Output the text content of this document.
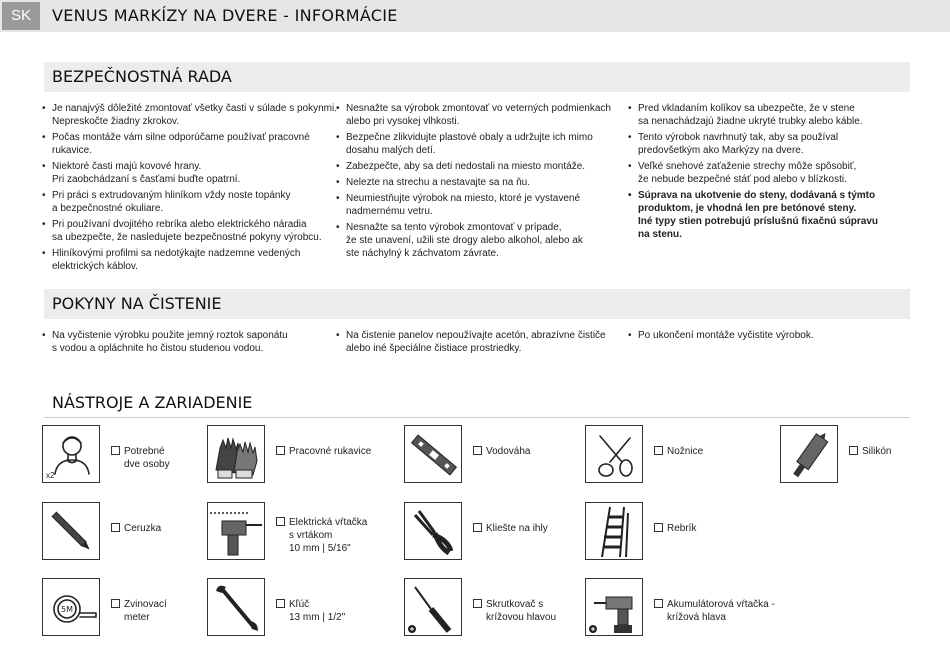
SK	VENUS MARKÍZY NA DVERE - INFORMÁCIE
BEZPEČNOSTNÁ RADA
• Je nanajvýš dôležité zmontovať všetky časti v súlade s pokynmi.
Nepreskočte žiadny zkrokov.
• Počas montáže vám silne odporúčame používať pracovné
rukavice.
• Niektoré časti majú kovové hrany.
Pri zaobchádzaní s časťami buďte opatrní.
• Pri práci s extrudovaným hliníkom vždy noste topánky
a bezpečnostné okuliare.
• Pri používaní dvojitého rebríka alebo elektrického náradia
sa ubezpečte, že nasledujete bezpečnostné pokyny výrobcu.
• Hliníkovými profilmi sa nedotýkajte nadzemne vedených
elektrických káblov.
• Nesnažte sa výrobok zmontovať vo veterných podmienkach
alebo pri vysokej vlhkosti.
• Bezpečne zlikvidujte plastové obaly a udržujte ich mimo
dosahu malých detí.
• Zabezpečte, aby sa deti nedostali na miesto montáže.
• Nelezte na strechu a nestavajte sa na ňu.
• Neumiestňujte výrobok na miesto, ktoré je vystavené
nadmernému vetru.
• Nesnažte sa tento výrobok zmontovať v prípade,
že ste unavení, užili ste drogy alebo alkohol, alebo ak
ste náchylný k záchvatom závrate.
• Pred vkladaním kolíkov sa ubezpečte, že v stene
sa nenachádzajú žiadne ukryté trubky alebo káble.
• Tento výrobok navrhnutý tak, aby sa používal
predovšetkým ako Markýzy na dvere.
• Veľké snehové zaťaženie strechy môže spôsobiť,
že nebude bezpečné stáť pod alebo v blízkosti.
• Súprava na ukotvenie do steny, dodávaná s týmto
produktom, je vhodná len pre betónové steny.
Iné typy stien potrebujú príslušnú fixačnú súpravu
na stenu.
POKYNY NA ČISTENIE
• Na vyčistenie výrobku použite jemný roztok saponátu
s vodou a opláchnite ho čistou studenou vodou.
• Na čistenie panelov nepoužívajte acetón, abrazívne čističe
alebo iné špeciálne čistiace prostriedky.
• Po ukončení montáže vyčistite výrobok.
NÁSTROJE A ZARIADENIE
x2
Potrebné
dve osoby
Pracovné rukavice	Vodováha	Nožnice	Silikón
Ceruzka
Elektrická vŕtačka
s vrtákom
10 mm | 5/16"
Kliešte na ihly	Rebrík
5M	Zvinovací
meter
Kľúč
13 mm | 1/2"
Skrutkovač s
krížovou hlavou
Akumulátorová vŕtačka -
krížová hlava
